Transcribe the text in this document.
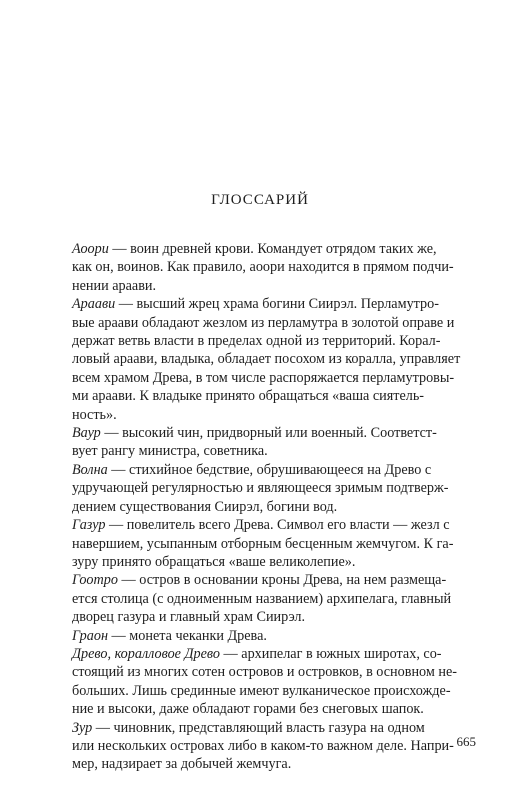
ГЛОССАРИЙ
Аоори — воин древней крови. Командует отрядом таких же,
как он, воинов. Как правило, аоори находится в прямом подчи-
нении араави.
Араави — высший жрец храма богини Сиирэл. Перламутро-
вые араави обладают жезлом из перламутра в золотой оправе и
держат ветвь власти в пределах одной из территорий. Корал-
ловый араави, владыка, обладает посохом из коралла, управляет
всем храмом Древа, в том числе распоряжается перламутровы-
ми араави. К владыке принято обращаться «ваша сиятель-
ность».
Ваур — высокий чин, придворный или военный. Соответст-
вует рангу министра, советника.
Волна — стихийное бедствие, обрушивающееся на Древо с
удручающей регулярностью и являющееся зримым подтверж-
дением существования Сиирэл, богини вод.
Газур — повелитель всего Древа. Символ его власти — жезл с
навершием, усыпанным отборным бесценным жемчугом. К га-
зуру принято обращаться «ваше великолепие».
Гоотро — остров в основании кроны Древа, на нем размеща-
ется столица (с одноименным названием) архипелага, главный
дворец газура и главный храм Сиирэл.
Граон — монета чеканки Древа.
Древо, коралловое Древо — архипелаг в южных широтах, со-
стоящий из многих сотен островов и островков, в основном не-
больших. Лишь срединные имеют вулканическое происхожде-
ние и высоки, даже обладают горами без снеговых шапок.
Зур — чиновник, представляющий власть газура на одном
или нескольких островах либо в каком-то важном деле. Напри-
мер, надзирает за добычей жемчуга.
665
